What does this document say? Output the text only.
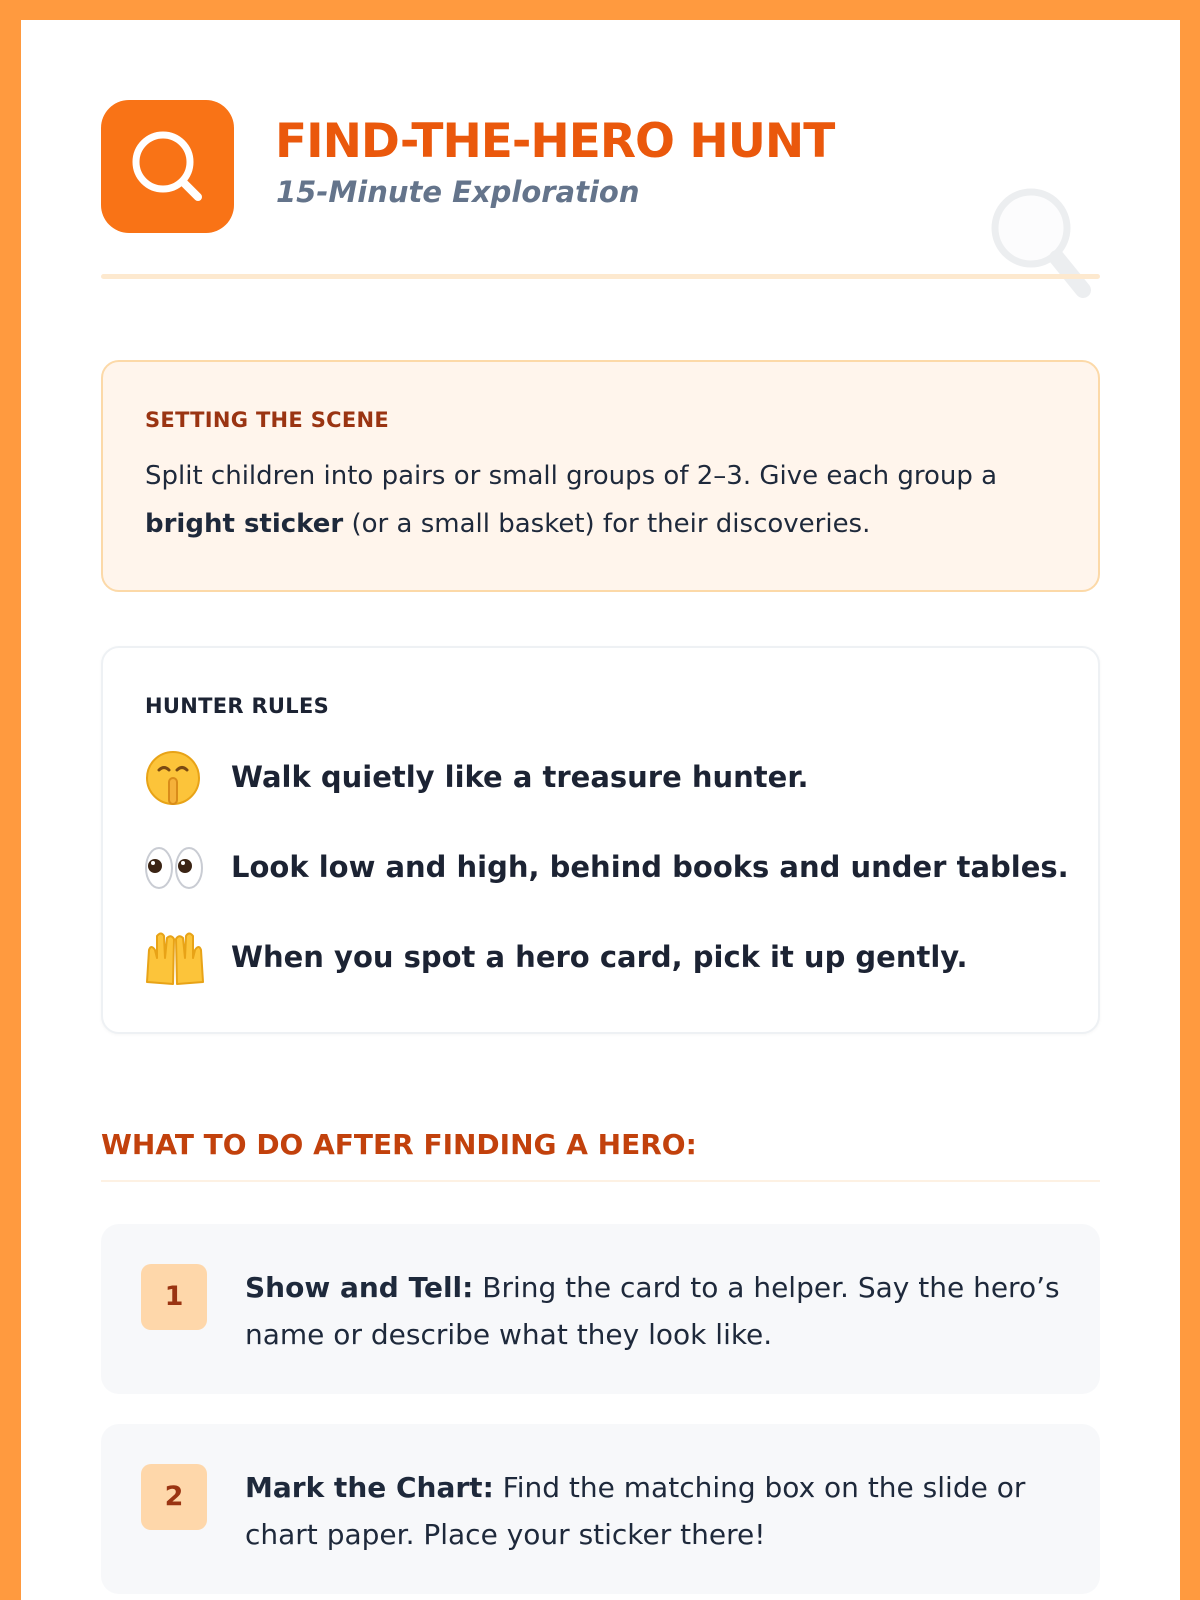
FIND-THE-HERO HUNT
15-Minute Exploration
SETTING THE SCENE
Split children into pairs or small groups of 2–3. Give each group a bright sticker (or a small basket) for their discoveries.
HUNTER RULES
Walk quietly like a treasure hunter.
Look low and high, behind books and under tables.
When you spot a hero card, pick it up gently.
WHAT TO DO AFTER FINDING A HERO:
1	Show and Tell: Bring the card to a helper. Say the hero’s name or describe what they look like.
2	Mark the Chart: Find the matching box on the slide or chart paper. Place your sticker there!
